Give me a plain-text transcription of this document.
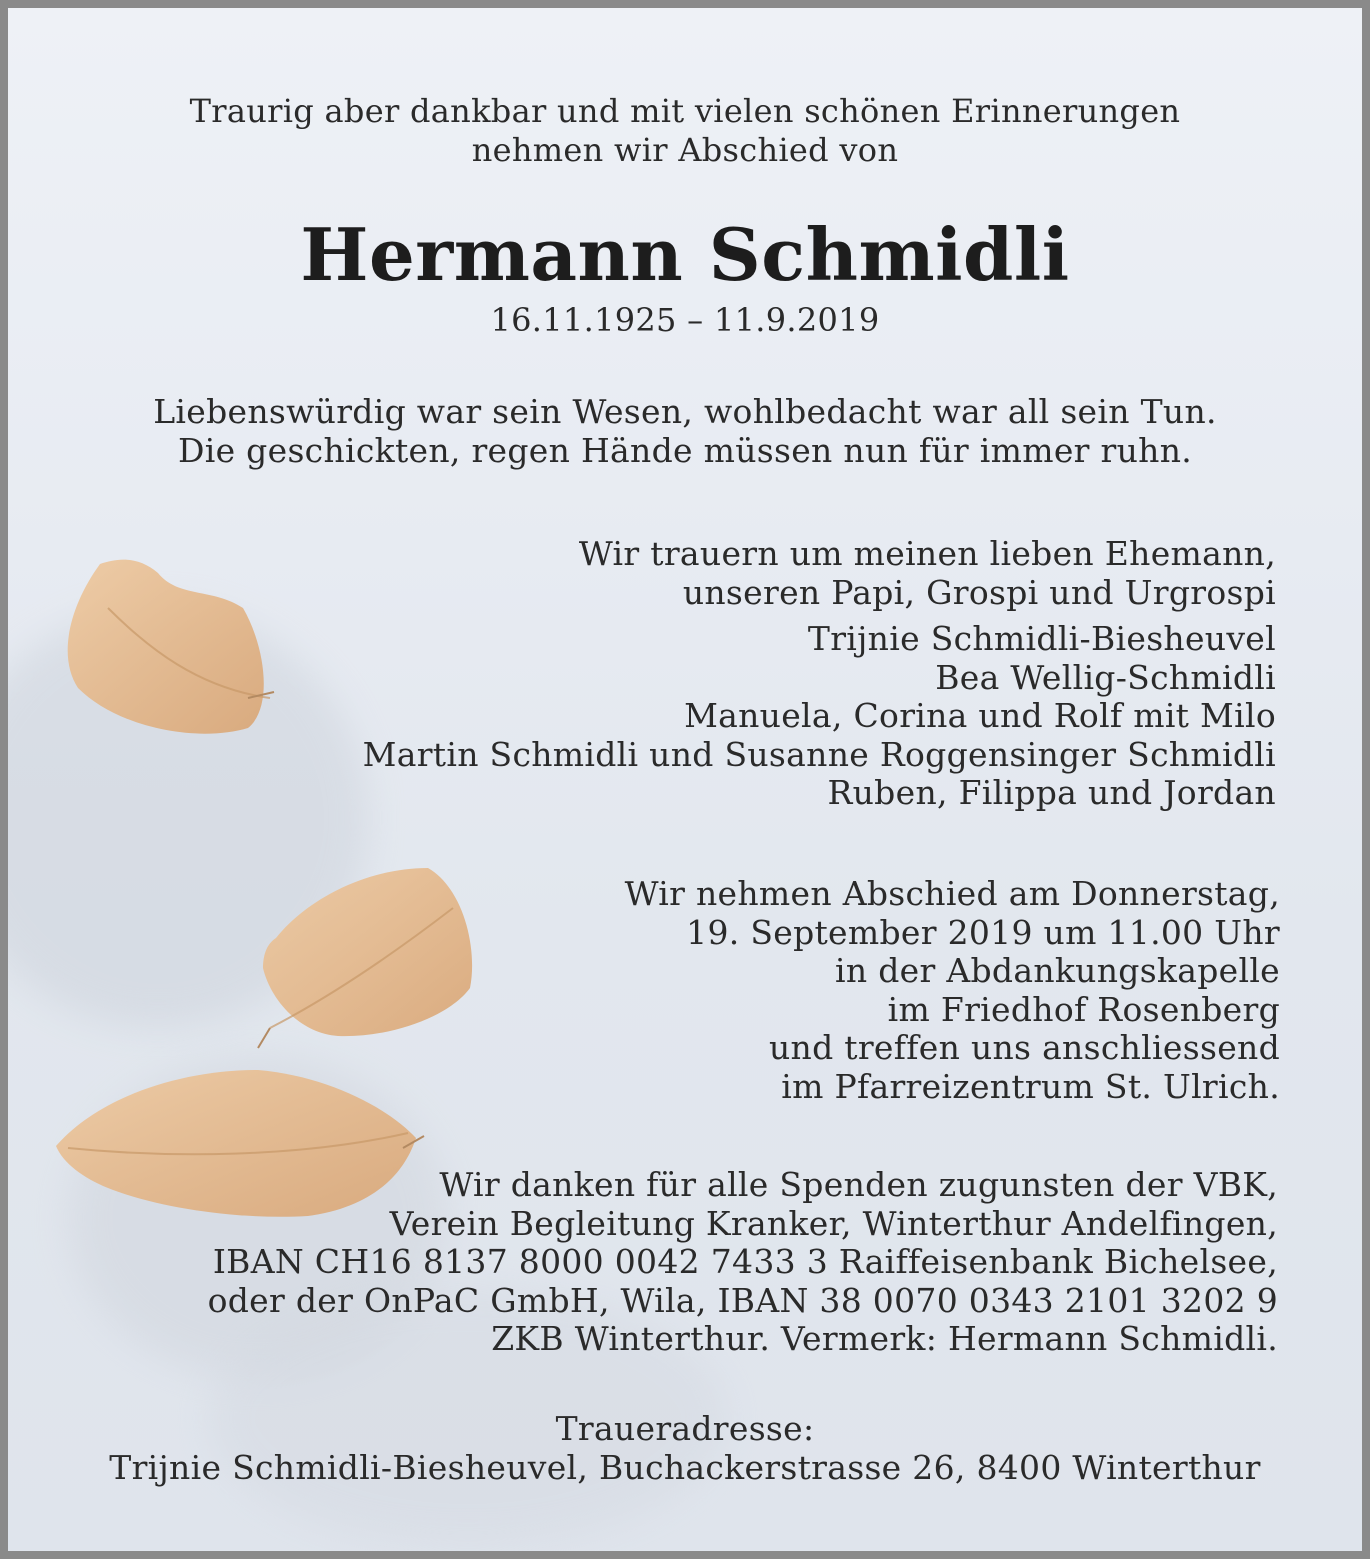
Traurig aber dankbar und mit vielen schönen Erinnerungen
nehmen wir Abschied von
Hermann Schmidli
16.11.1925 – 11.9.2019
Liebenswürdig war sein Wesen, wohlbedacht war all sein Tun.
Die geschickten, regen Hände müssen nun für immer ruhn.
Wir trauern um meinen lieben Ehemann,
unseren Papi, Grospi und Urgrospi
Trijnie Schmidli-Biesheuvel
Bea Wellig-Schmidli
Manuela, Corina und Rolf mit Milo
Martin Schmidli und Susanne Roggensinger Schmidli
Ruben, Filippa und Jordan
Wir nehmen Abschied am Donnerstag,
19. September 2019 um 11.00 Uhr
in der Abdankungskapelle
im Friedhof Rosenberg
und treffen uns anschliessend
im Pfarreizentrum St. Ulrich.
Wir danken für alle Spenden zugunsten der VBK,
Verein Begleitung Kranker, Winterthur Andelfingen,
IBAN CH16 8137 8000 0042 7433 3 Raiffeisenbank Bichelsee,
oder der OnPaC GmbH, Wila, IBAN 38 0070 0343 2101 3202 9
ZKB Winterthur. Vermerk: Hermann Schmidli.
Traueradresse:
Trijnie Schmidli-Biesheuvel, Buchackerstrasse 26, 8400 Winterthur
